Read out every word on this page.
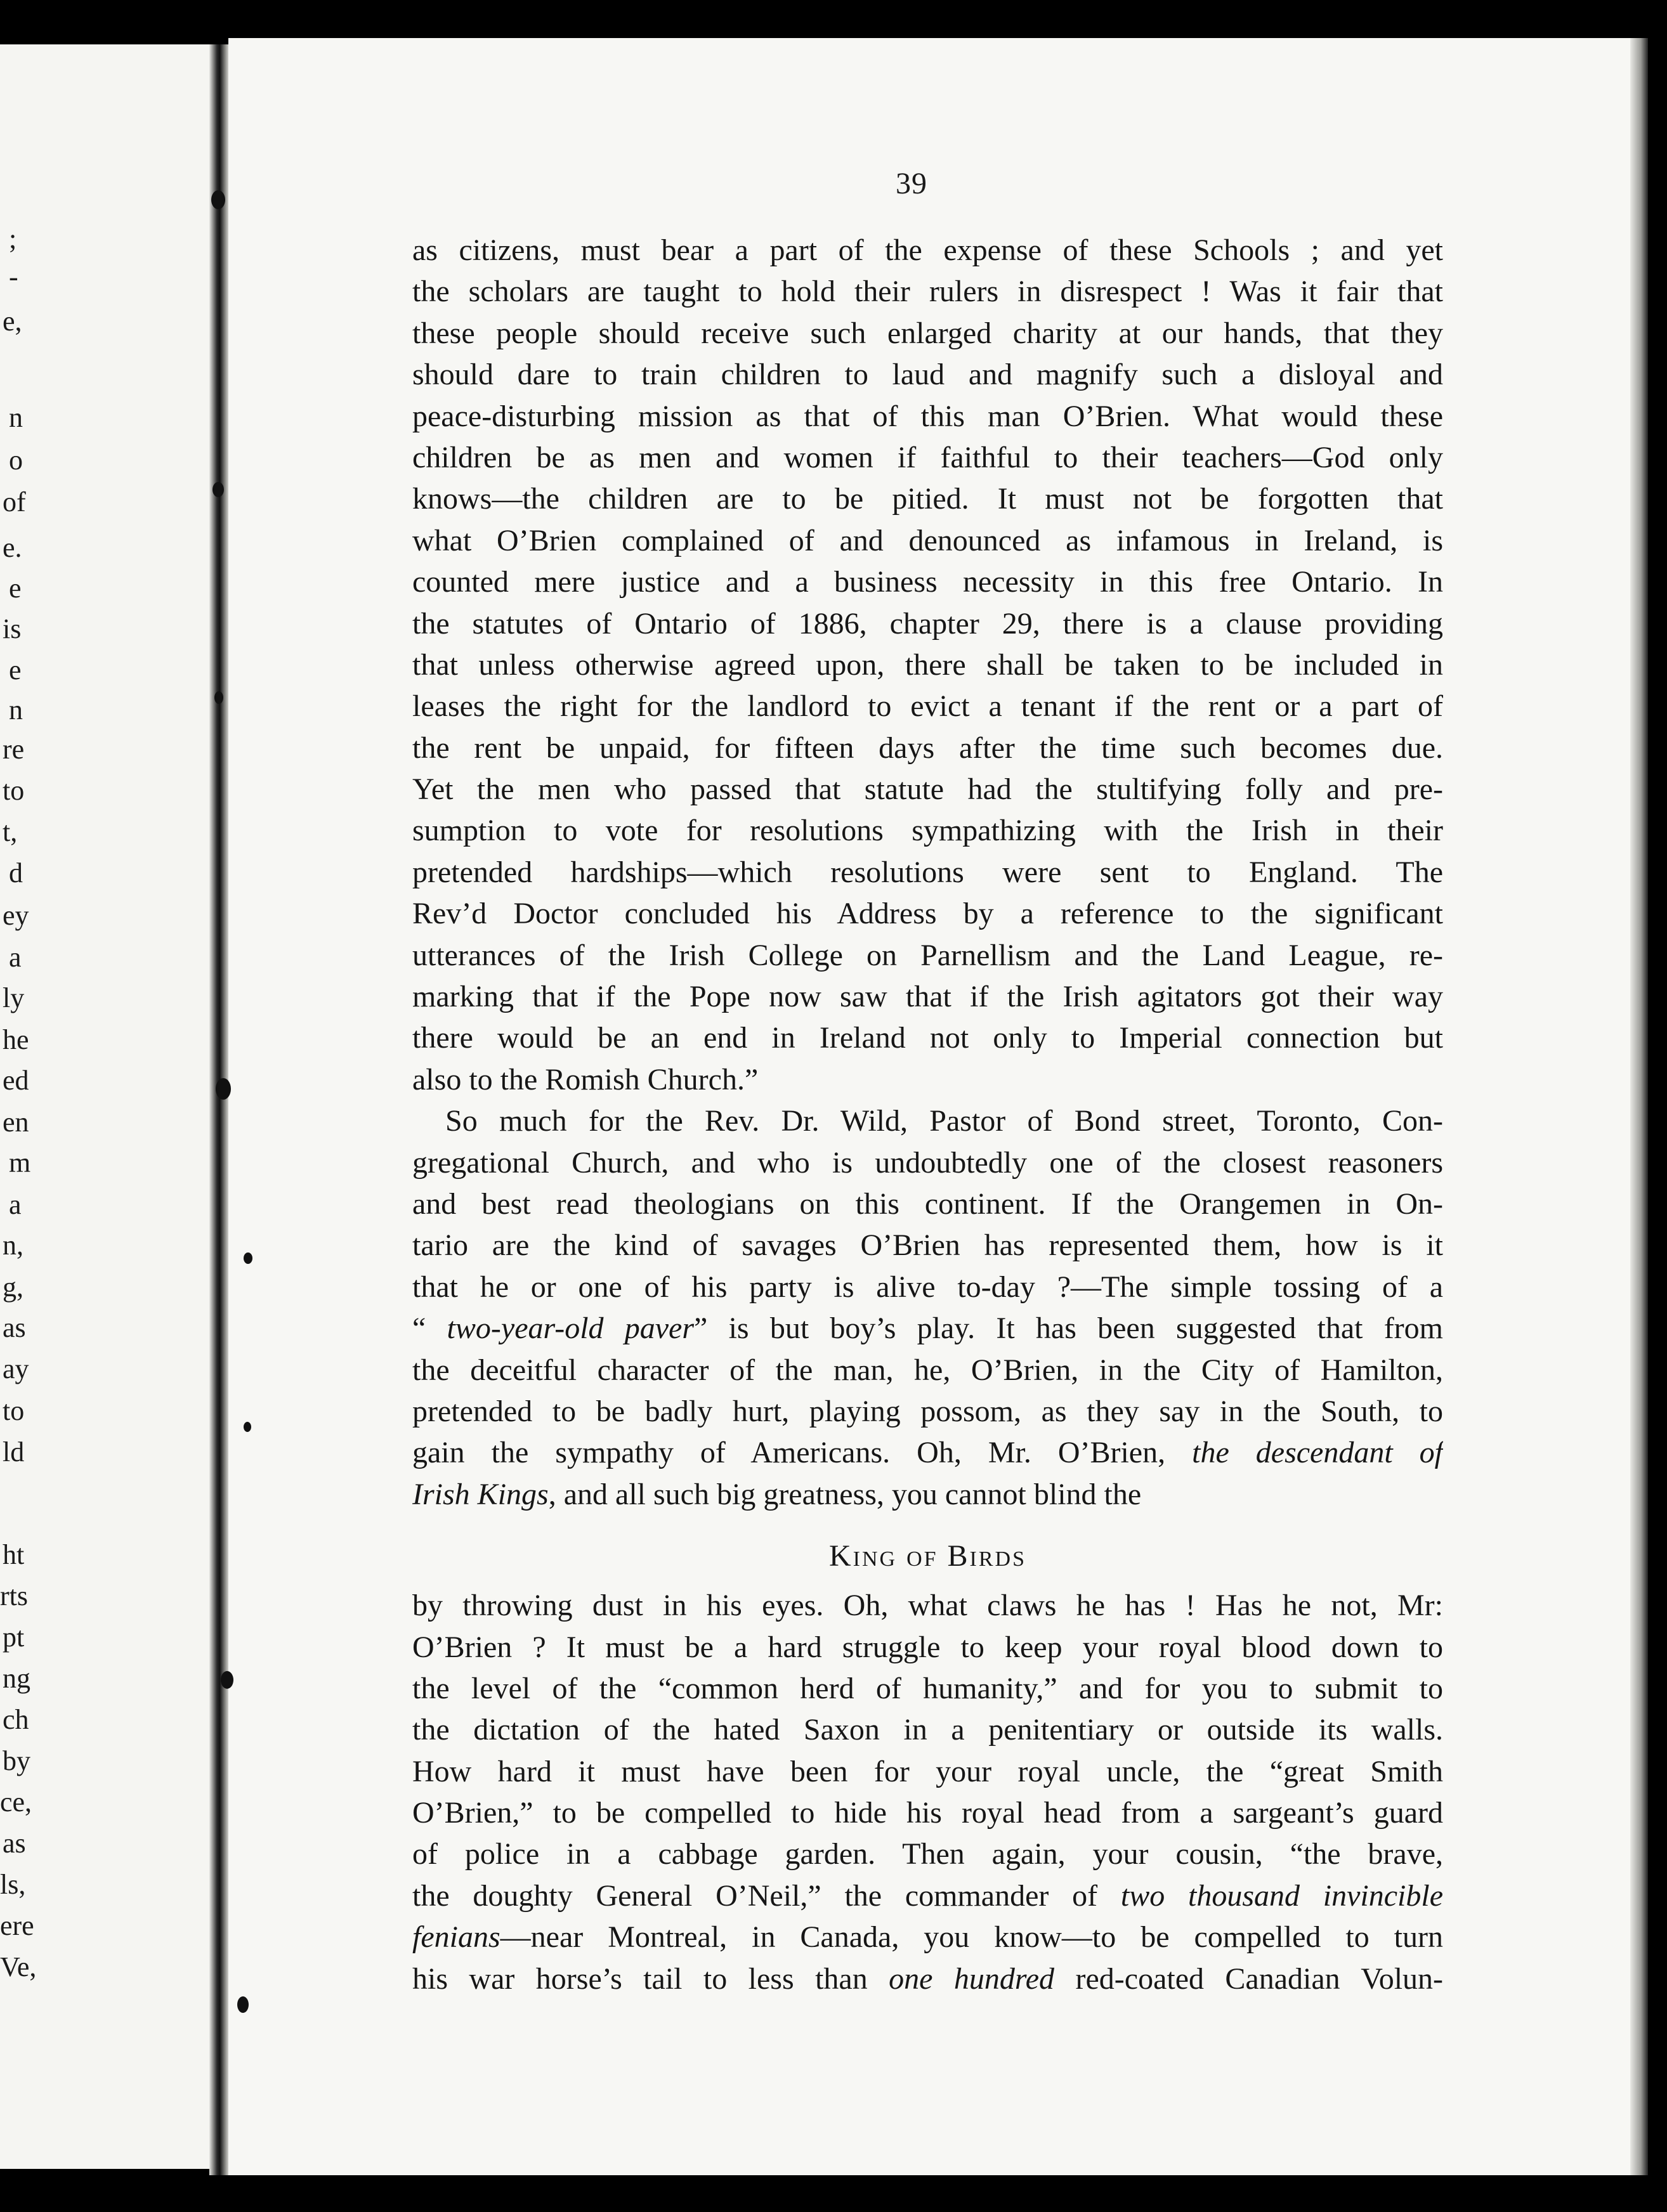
;
-
e,
n
o
of
e.
e
is
e
n
re
to
t,
d
ey
a
ly
he
ed
en
m
a
n,
g,
as
ay
to
ld
ht
rts
pt
ng
ch
by
ce,
as
ls,
ere
Ve,
39
as citizens, must bear a part of the expense of these Schools ; and yet
the scholars are taught to hold their rulers in disrespect ! Was it fair that
these people should receive such enlarged charity at our hands, that they
should dare to train children to laud and magnify such a disloyal and
peace-disturbing mission as that of this man O’Brien. What would these
children be as men and women if faithful to their teachers—God only
knows—the children are to be pitied. It must not be forgotten that
what O’Brien complained of and denounced as infamous in Ireland, is
counted mere justice and a business necessity in this free Ontario. In
the statutes of Ontario of 1886, chapter 29, there is a clause providing
that unless otherwise agreed upon, there shall be taken to be included in
leases the right for the landlord to evict a tenant if the rent or a part of
the rent be unpaid, for fifteen days after the time such becomes due.
Yet the men who passed that statute had the stultifying folly and pre-
sumption to vote for resolutions sympathizing with the Irish in their
pretended hardships—which resolutions were sent to England. The
Rev’d Doctor concluded his Address by a reference to the significant
utterances of the Irish College on Parnellism and the Land League, re-
marking that if the Pope now saw that if the Irish agitators got their way
there would be an end in Ireland not only to Imperial connection but
also to the Romish Church.”
So much for the Rev. Dr. Wild, Pastor of Bond street, Toronto, Con-
gregational Church, and who is undoubtedly one of the closest reasoners
and best read theologians on this continent. If the Orangemen in On-
tario are the kind of savages O’Brien has represented them, how is it
that he or one of his party is alive to-day ?—The simple tossing of a
“ two-year-old paver” is but boy’s play. It has been suggested that from
the deceitful character of the man, he, O’Brien, in the City of Hamilton,
pretended to be badly hurt, playing possom, as they say in the South, to
gain the sympathy of Americans. Oh, Mr. O’Brien, the descendant of
Irish Kings, and all such big greatness, you cannot blind the
King of Birds
by throwing dust in his eyes. Oh, what claws he has ! Has he not, Mr:
O’Brien ? It must be a hard struggle to keep your royal blood down to
the level of the “common herd of humanity,” and for you to submit to
the dictation of the hated Saxon in a penitentiary or outside its walls.
How hard it must have been for your royal uncle, the “great Smith
O’Brien,” to be compelled to hide his royal head from a sargeant’s guard
of police in a cabbage garden. Then again, your cousin, “the brave,
the doughty General O’Neil,” the commander of two thousand invincible
fenians—near Montreal, in Canada, you know—to be compelled to turn
his war horse’s tail to less than one hundred red-coated Canadian Volun-
